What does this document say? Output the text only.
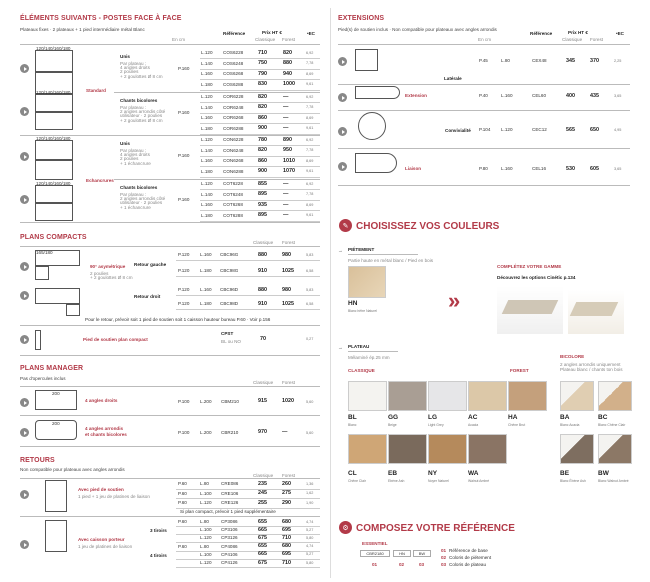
ÉLÉMENTS SUIVANTS - POSTES FACE À FACE
Plateaux fixes · 2 plateaux + 1 pied intermédiaire métal Blanc
En cm
Référence	Prix HT €
Classique Forest
•EC
Unis
Par plateau :
4 angles droits
2 poulies
+ 2 goulottes Ø 8 cm
P.160
L.120 COS6228	710	820	6,92
L.140 COS6248	750	880	7,78
L.160 COS6268	790	940	8,69
L.180 COS6288	830	1000	9,61
Chants bicolores
Par plateau :
2 angles arrondis côté
utilisateur · 2 poulies
+ 2 goulottes Ø 8 cm
P.160
L.120 COR6228	820	—	6,92
L.140 COR6248	820	—	7,78
L.160 COR6268	860	—	8,69
L.180 COR6288	900	—	9,61
Unis
Par plateau :
4 angles droits
2 poulies
+ 1 échancrure
P.160
L.120 CON6228	780	890	6,92
L.140 CON6248	820	950	7,78
L.160 CON6268	860	1010	8,69
L.180 CON6288	900	1070	9,61
Chants bicolores
Par plateau :
2 angles arrondis côté
utilisateur · 2 poulies
+ 1 échancrure
P.160
L.120 COT6228	855	—	6,92
L.140 COT6248	895	—	7,78
L.160 COT6268	935	—	8,69
L.180 COT6288	895	—	9,61
Standard
Echancrures
120/140/160/180
120/140/160/180
120/140/160/180
120/140/160/180
PLANS COMPACTS
Classique Forest
165/180
90° asymétrique
2 poulies
+ 2 goulottes Ø 8 cm
Retour gauche
Retour droit
P.120 L.160 CBC96G	880	980	5,83
P.120 L.180 CBC98G	910	1025	6,58
P.120 L.160 CBC96D	880	980	5,83
P.120 L.180 CBC98D	910	1025	6,58
Pour le retour, prévoir soit 1 pied de soutien soit 1 caisson hauteur bureau P.60 · Voir p.156
Pied de soutien plan compact
CPST
BL ou NO	70	0,27
PLANS MANAGER
Pas d'opercules inclus
Classique Forest
200
4 angles droits	P.100 L.200 CBM210	915	1020	5,60
200
4 angles arrondis
et chants bicolores	P.100 L.200 CBR210	970	—	5,60
RETOURS
Non compatible pour plateaux avec angles arrondis
Classique Forest
Avec pied de soutien
1 pied + 1 jeu de platines de liaison
P.60	L.80	CRE086	235	260	1,36
P.60	L.100 CRE106	245	275	1,62
P.60	L.120 CRE126	255	290	1,90
Si plan compact, prévoir 1 pied supplémentaire
Avec caisson porteur
1 jeu de platines de liaison
3 tiroirs
4 tiroirs
P.60	L.80	CP3086	655	680	4,74
L.100 CP3106	665	695	5,27
L.120 CP3126	675	710	5,80
P.60	L.80	CP4086	655	680	4,74
L.100 CP4106	665	695	5,27
L.120 CP4126	675	710	5,80
EXTENSIONS
Pied(s) de soutien inclus · Non compatible pour plateaux avec angles arrondis
En cm
Référence	Prix HT €
Classique Forest
•EC
Latérale
Extension
Convivialité
Liaison
P.45	L.80	CEX48	345	370	2,25
P.40	L.160	CEL60	400	435	3,65
P.104 L.120	CEC12	565	650	4,95
P.80	L.160	CEL16	530	605	3,65
✎ CHOISISSEZ VOS COULEURS
→ PIÉTEMENT
Partie haute en métal blanc / Pied en bois
HN
Blanc hêtre Naturel	»
COMPLÉTEZ VOTRE GAMME
Découvrez les options Cinétic p.134
→ PLATEAU
Mélaminé ép.25 mm
CLASSIQUE	FOREST
BICOLORE
2 angles arrondis uniquement
Plateau blanc / chants ton bois
BL
Blanc
GG
Beige
LG
Light Grey
AC
Acacia
HA
Chêne Brut
CL
Chêne Clair
EB
Ebène Ash
NY
Noyer Naturel
WA
Walnut Ambré
BA
Blanc Acacia
BC
Blanc Chêne Clair
BE
Blanc Ébène Ash
BW
Blanc Walnut Ambré
⚙ COMPOSEZ VOTRE RÉFÉRENCE
ESSENTIEL
CBR2180
01
HN
02
BW
03
01 Référence de base
02 Coloris de piétement
03 Coloris de plateau
